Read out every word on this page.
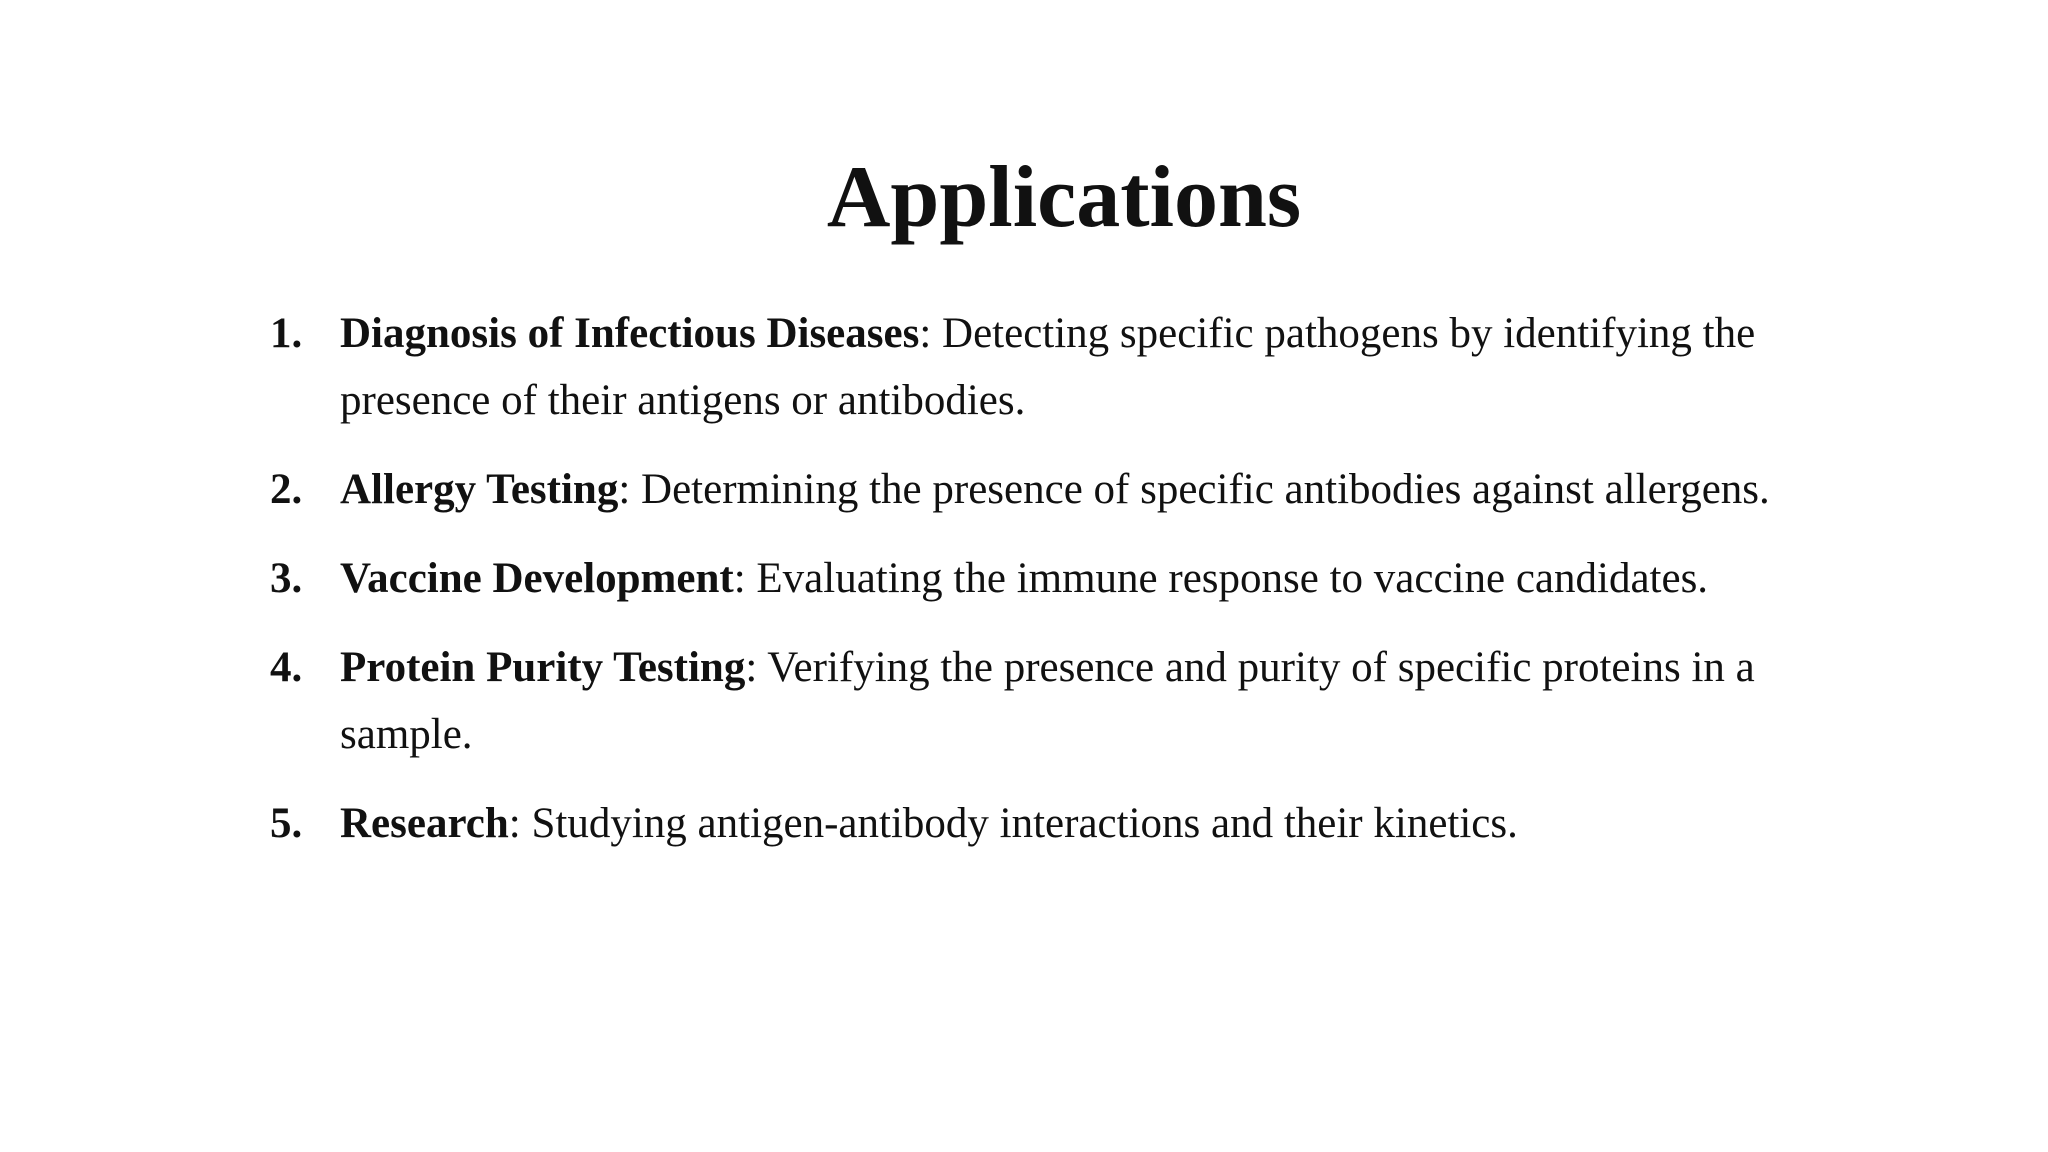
Applications
1. Diagnosis of Infectious Diseases: Detecting specific pathogens by identifying the presence of their antigens or antibodies.
2. Allergy Testing: Determining the presence of specific antibodies against allergens.
3. Vaccine Development: Evaluating the immune response to vaccine candidates.
4. Protein Purity Testing: Verifying the presence and purity of specific proteins in a sample.
5. Research: Studying antigen-antibody interactions and their kinetics.
